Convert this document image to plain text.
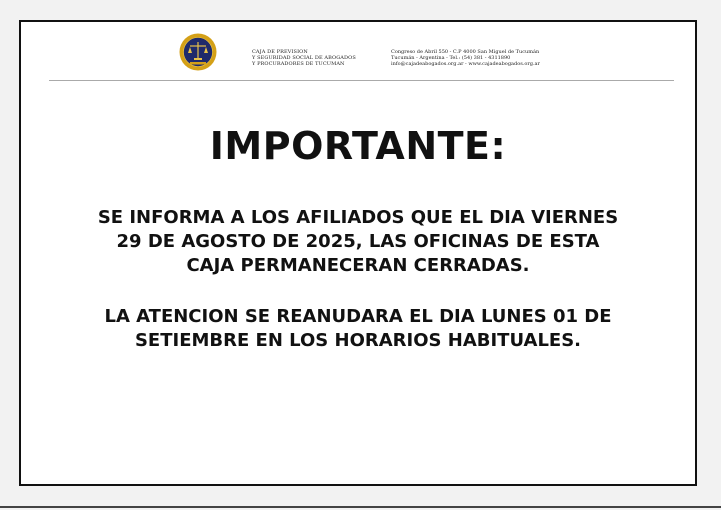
CAJA DE PREVISION
Y SEGURIDAD SOCIAL DE ABOGADOS
Y PROCURADORES DE TUCUMAN
Congreso de Abril 550 - C.P 4000 San Miguel de Tucumán
Tucumán - Argentina - Tel.: (54) 381 - 4311890
info@cajadeabogados.org.ar - www.cajadeabogados.org.ar
IMPORTANTE:
SE INFORMA A LOS AFILIADOS QUE EL DIA VIERNES
29 DE AGOSTO DE 2025, LAS OFICINAS DE ESTA
CAJA PERMANECERAN CERRADAS.
LA ATENCION SE REANUDARA EL DIA LUNES 01 DE
SETIEMBRE EN LOS HORARIOS HABITUALES.
